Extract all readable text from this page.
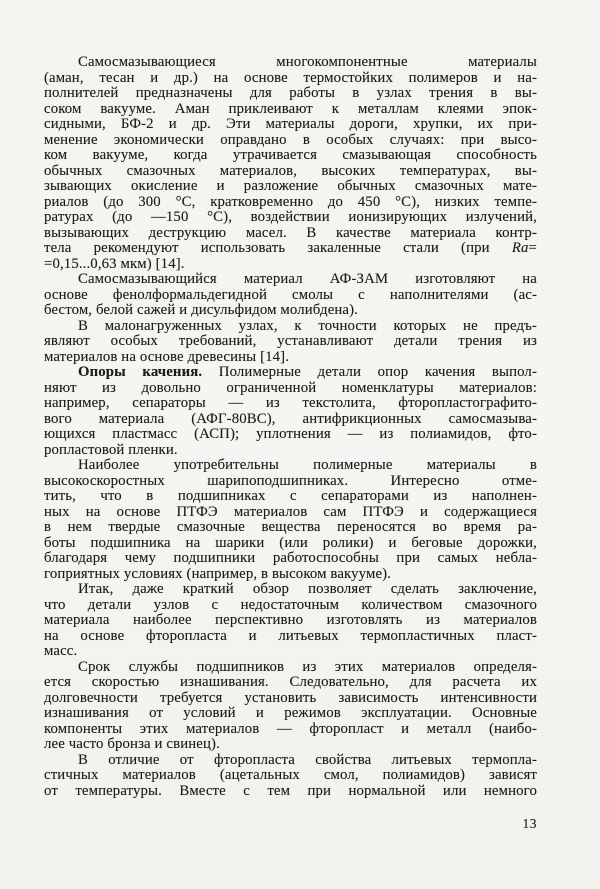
Самосмазывающиеся многокомпонентные материалы
(аман, тесан и др.) на основе термостойких полимеров и на-
полнителей предназначены для работы в узлах трения в вы-
соком вакууме. Аман приклеивают к металлам клеями эпок-
сидными, БФ-2 и др. Эти материалы дороги, хрупки, их при-
менение экономически оправдано в особых случаях: при высо-
ком вакууме, когда утрачивается смазывающая способность
обычных смазочных материалов, высоких температурах, вы-
зывающих окисление и разложение обычных смазочных мате-
риалов (до 300 °С, кратковременно до 450 °С), низких темпе-
ратурах (до —150 °С), воздействии ионизирующих излучений,
вызывающих деструкцию масел. В качестве материала контр-
тела рекомендуют использовать закаленные стали (при Ra=
=0,15...0,63 мкм) [14].
Самосмазывающийся материал АФ-ЗАМ изготовляют на
основе фенолформальдегидной смолы с наполнителями (ас-
бестом, белой сажей и дисульфидом молибдена).
В малонагруженных узлах, к точности которых не предъ-
являют особых требований, устанавливают детали трения из
материалов на основе древесины [14].
Опоры качения. Полимерные детали опор качения выпол-
няют из довольно ограниченной номенклатуры материалов:
например, сепараторы — из текстолита, фторопластографито-
вого материала (АФГ-80ВС), антифрикционных самосмазыва-
ющихся пластмасс (АСП); уплотнения — из полиамидов, фто-
ропластовой пленки.
Наиболее употребительны полимерные материалы в
высокоскоростных шарипоподшипниках. Интересно отме-
тить, что в подшипниках с сепараторами из наполнен-
ных на основе ПТФЭ материалов сам ПТФЭ и содержащиеся
в нем твердые смазочные вещества переносятся во время ра-
боты подшипника на шарики (или ролики) и беговые дорожки,
благодаря чему подшипники работоспособны при самых небла-
гоприятных условиях (например, в высоком вакууме).
Итак, даже краткий обзор позволяет сделать заключение,
что детали узлов с недостаточным количеством смазочного
материала наиболее перспективно изготовлять из материалов
на основе фторопласта и литьевых термопластичных пласт-
масс.
Срок службы подшипников из этих материалов определя-
ется скоростью изнашивания. Следовательно, для расчета их
долговечности требуется установить зависимость интенсивности
изнашивания от условий и режимов эксплуатации. Основные
компоненты этих материалов — фторопласт и металл (наибо-
лее часто бронза и свинец).
В отличие от фторопласта свойства литьевых термопла-
стичных материалов (ацетальных смол, полиамидов) зависят
от температуры. Вместе с тем при нормальной или немного
13
